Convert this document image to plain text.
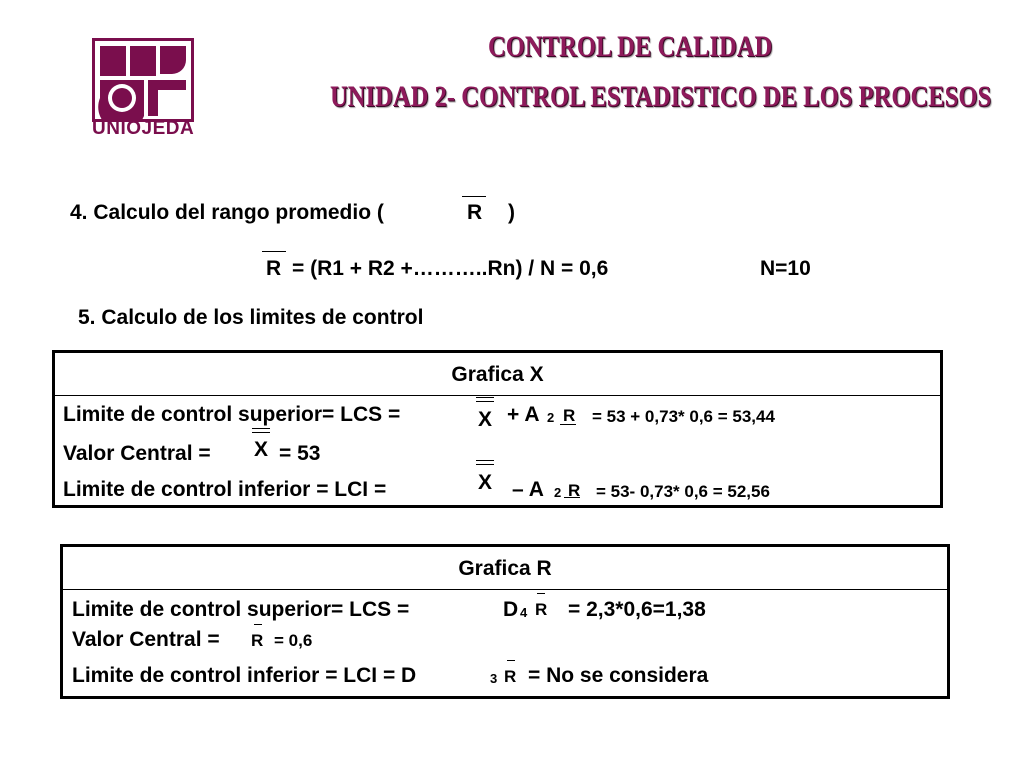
UNIOJEDA
CONTROL DE CALIDAD
UNIDAD 2- CONTROL ESTADISTICO DE LOS PROCESOS
4. Calculo del rango promedio (	R )
R = (R1 + R2 +………..Rn) / N = 0,6	N=10
5. Calculo de los limites de control
Grafica X
Limite de control superior= LCS =	X + A 2 R = 53 + 0,73* 0,6 = 53,44
Valor Central = X = 53
Limite de control inferior = LCI =	X – A 2 R = 53- 0,73* 0,6 = 52,56
Grafica R
Limite de control superior= LCS =	D 4 R = 2,3*0,6=1,38
Valor Central = R = 0,6
Limite de control inferior = LCI = D	3 R = No se considera
